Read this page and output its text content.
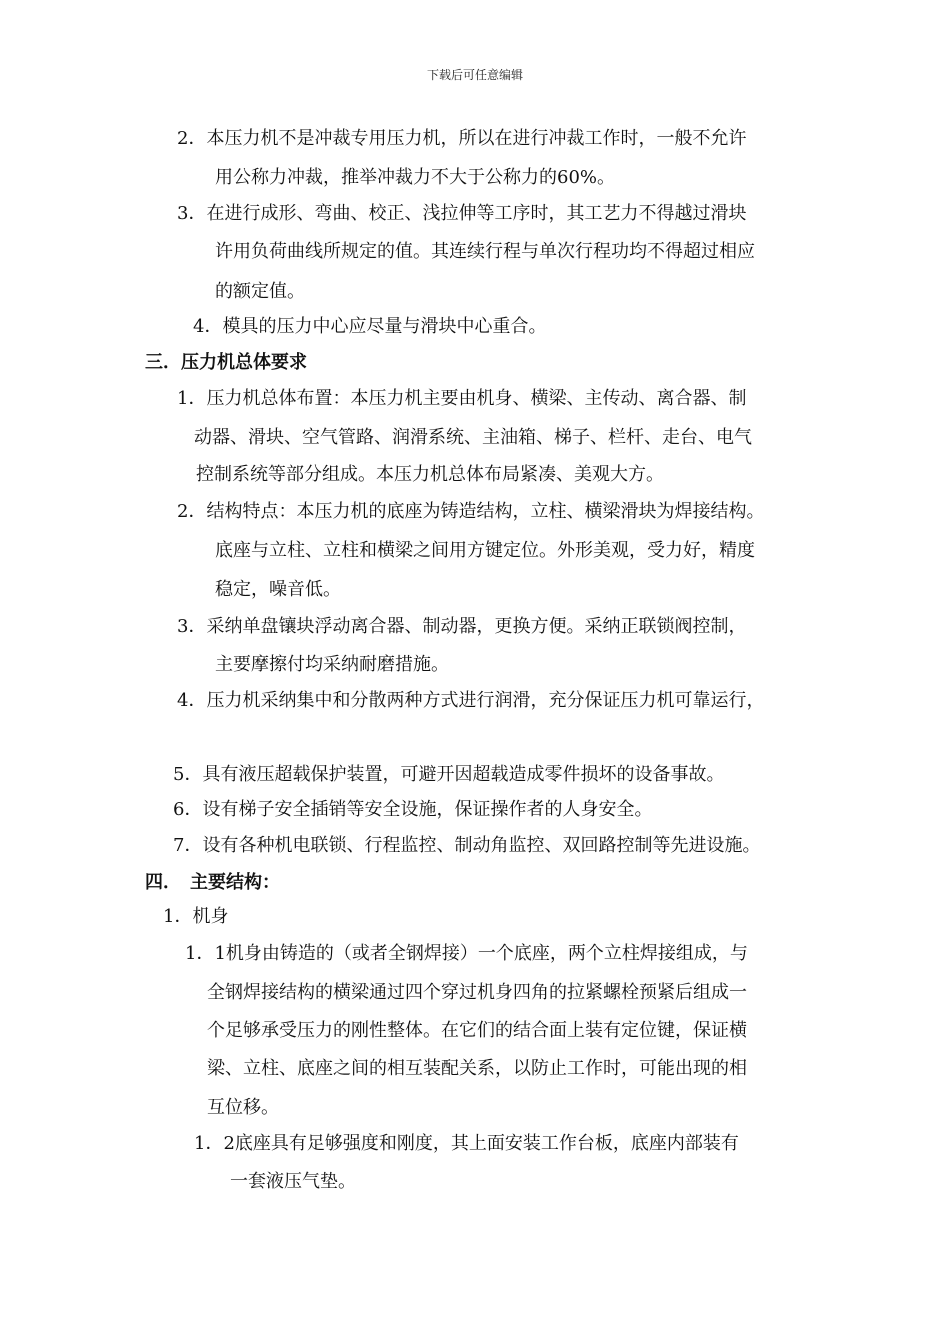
下载后可任意编辑
2．本压力机不是冲裁专用压力机，所以在进行冲裁工作时，一般不允许
用公称力冲裁，推举冲裁力不大于公称力的60%。
3．在进行成形、弯曲、校正、浅拉伸等工序时，其工艺力不得越过滑块
许用负荷曲线所规定的值。其连续行程与单次行程功均不得超过相应
的额定值。
4．模具的压力中心应尽量与滑块中心重合。
三．压力机总体要求
1．压力机总体布置：本压力机主要由机身、横梁、主传动、离合器、制
动器、滑块、空气管路、润滑系统、主油箱、梯子、栏杆、走台、电气
控制系统等部分组成。本压力机总体布局紧凑、美观大方。
2．结构特点：本压力机的底座为铸造结构，立柱、横梁滑块为焊接结构。
底座与立柱、立柱和横梁之间用方键定位。外形美观，受力好，精度
稳定，噪音低。
3．采纳单盘镶块浮动离合器、制动器，更换方便。采纳正联锁阀控制，
主要摩擦付均采纳耐磨措施。
4．压力机采纳集中和分散两种方式进行润滑，充分保证压力机可靠运行，
5．具有液压超载保护装置，可避开因超载造成零件损坏的设备事故。
6．设有梯子安全插销等安全设施，保证操作者的人身安全。
7．设有各种机电联锁、行程监控、制动角监控、双回路控制等先进设施。
四．　主要结构：
1．机身
1．1机身由铸造的（或者全钢焊接）一个底座，两个立柱焊接组成，与
全钢焊接结构的横梁通过四个穿过机身四角的拉紧螺栓预紧后组成一
个足够承受压力的刚性整体。在它们的结合面上装有定位键，保证横
梁、立柱、底座之间的相互装配关系，以防止工作时，可能出现的相
互位移。
1．2底座具有足够强度和刚度，其上面安装工作台板，底座内部装有
一套液压气垫。
